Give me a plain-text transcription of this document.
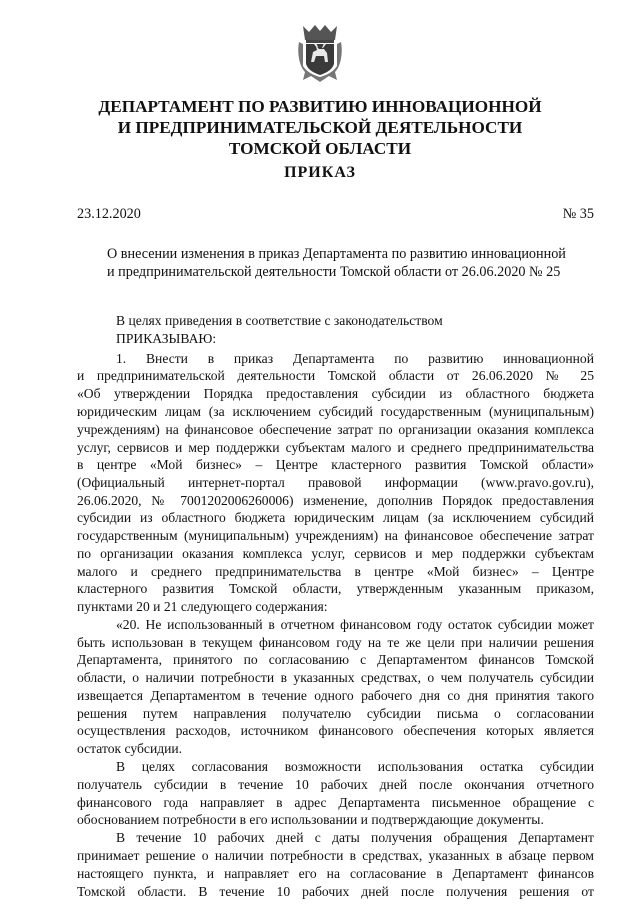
ДЕПАРТАМЕНТ ПО РАЗВИТИЮ ИННОВАЦИОННОЙ
И ПРЕДПРИНИМАТЕЛЬСКОЙ ДЕЯТЕЛЬНОСТИ
ТОМСКОЙ ОБЛАСТИ
ПРИКАЗ
23.12.2020	№ 35
О внесении изменения в приказ Департамента по развитию инновационной
и предпринимательской деятельности Томской области от 26.06.2020 № 25
В целях приведения в соответствие с законодательством
ПРИКАЗЫВАЮ:
1. Внести в приказ Департамента по развитию инновационной
и предпринимательской деятельности Томской области от 26.06.2020 № 25
«Об утверждении Порядка предоставления субсидии из областного бюджета
юридическим лицам (за исключением субсидий государственным (муниципальным)
учреждениям) на финансовое обеспечение затрат по организации оказания комплекса
услуг, сервисов и мер поддержки субъектам малого и среднего предпринимательства
в центре «Мой бизнес» – Центре кластерного развития Томской области»
(Официальный интернет-портал правовой информации (www.pravo.gov.ru),
26.06.2020, № 7001202006260006) изменение, дополнив Порядок предоставления
субсидии из областного бюджета юридическим лицам (за исключением субсидий
государственным (муниципальным) учреждениям) на финансовое обеспечение затрат
по организации оказания комплекса услуг, сервисов и мер поддержки субъектам
малого и среднего предпринимательства в центре «Мой бизнес» – Центре
кластерного развития Томской области, утвержденным указанным приказом,
пунктами 20 и 21 следующего содержания:
«20. Не использованный в отчетном финансовом году остаток субсидии может
быть использован в текущем финансовом году на те же цели при наличии решения
Департамента, принятого по согласованию с Департаментом финансов Томской
области, о наличии потребности в указанных средствах, о чем получатель субсидии
извещается Департаментом в течение одного рабочего дня со дня принятия такого
решения путем направления получателю субсидии письма о согласовании
осуществления расходов, источником финансового обеспечения которых является
остаток субсидии.
В целях согласования возможности использования остатка субсидии
получатель субсидии в течение 10 рабочих дней после окончания отчетного
финансового года направляет в адрес Департамента письменное обращение с
обоснованием потребности в его использовании и подтверждающие документы.
В течение 10 рабочих дней с даты получения обращения Департамент
принимает решение о наличии потребности в средствах, указанных в абзаце первом
настоящего пункта, и направляет его на согласование в Департамент финансов
Томской области. В течение 10 рабочих дней после получения решения от
